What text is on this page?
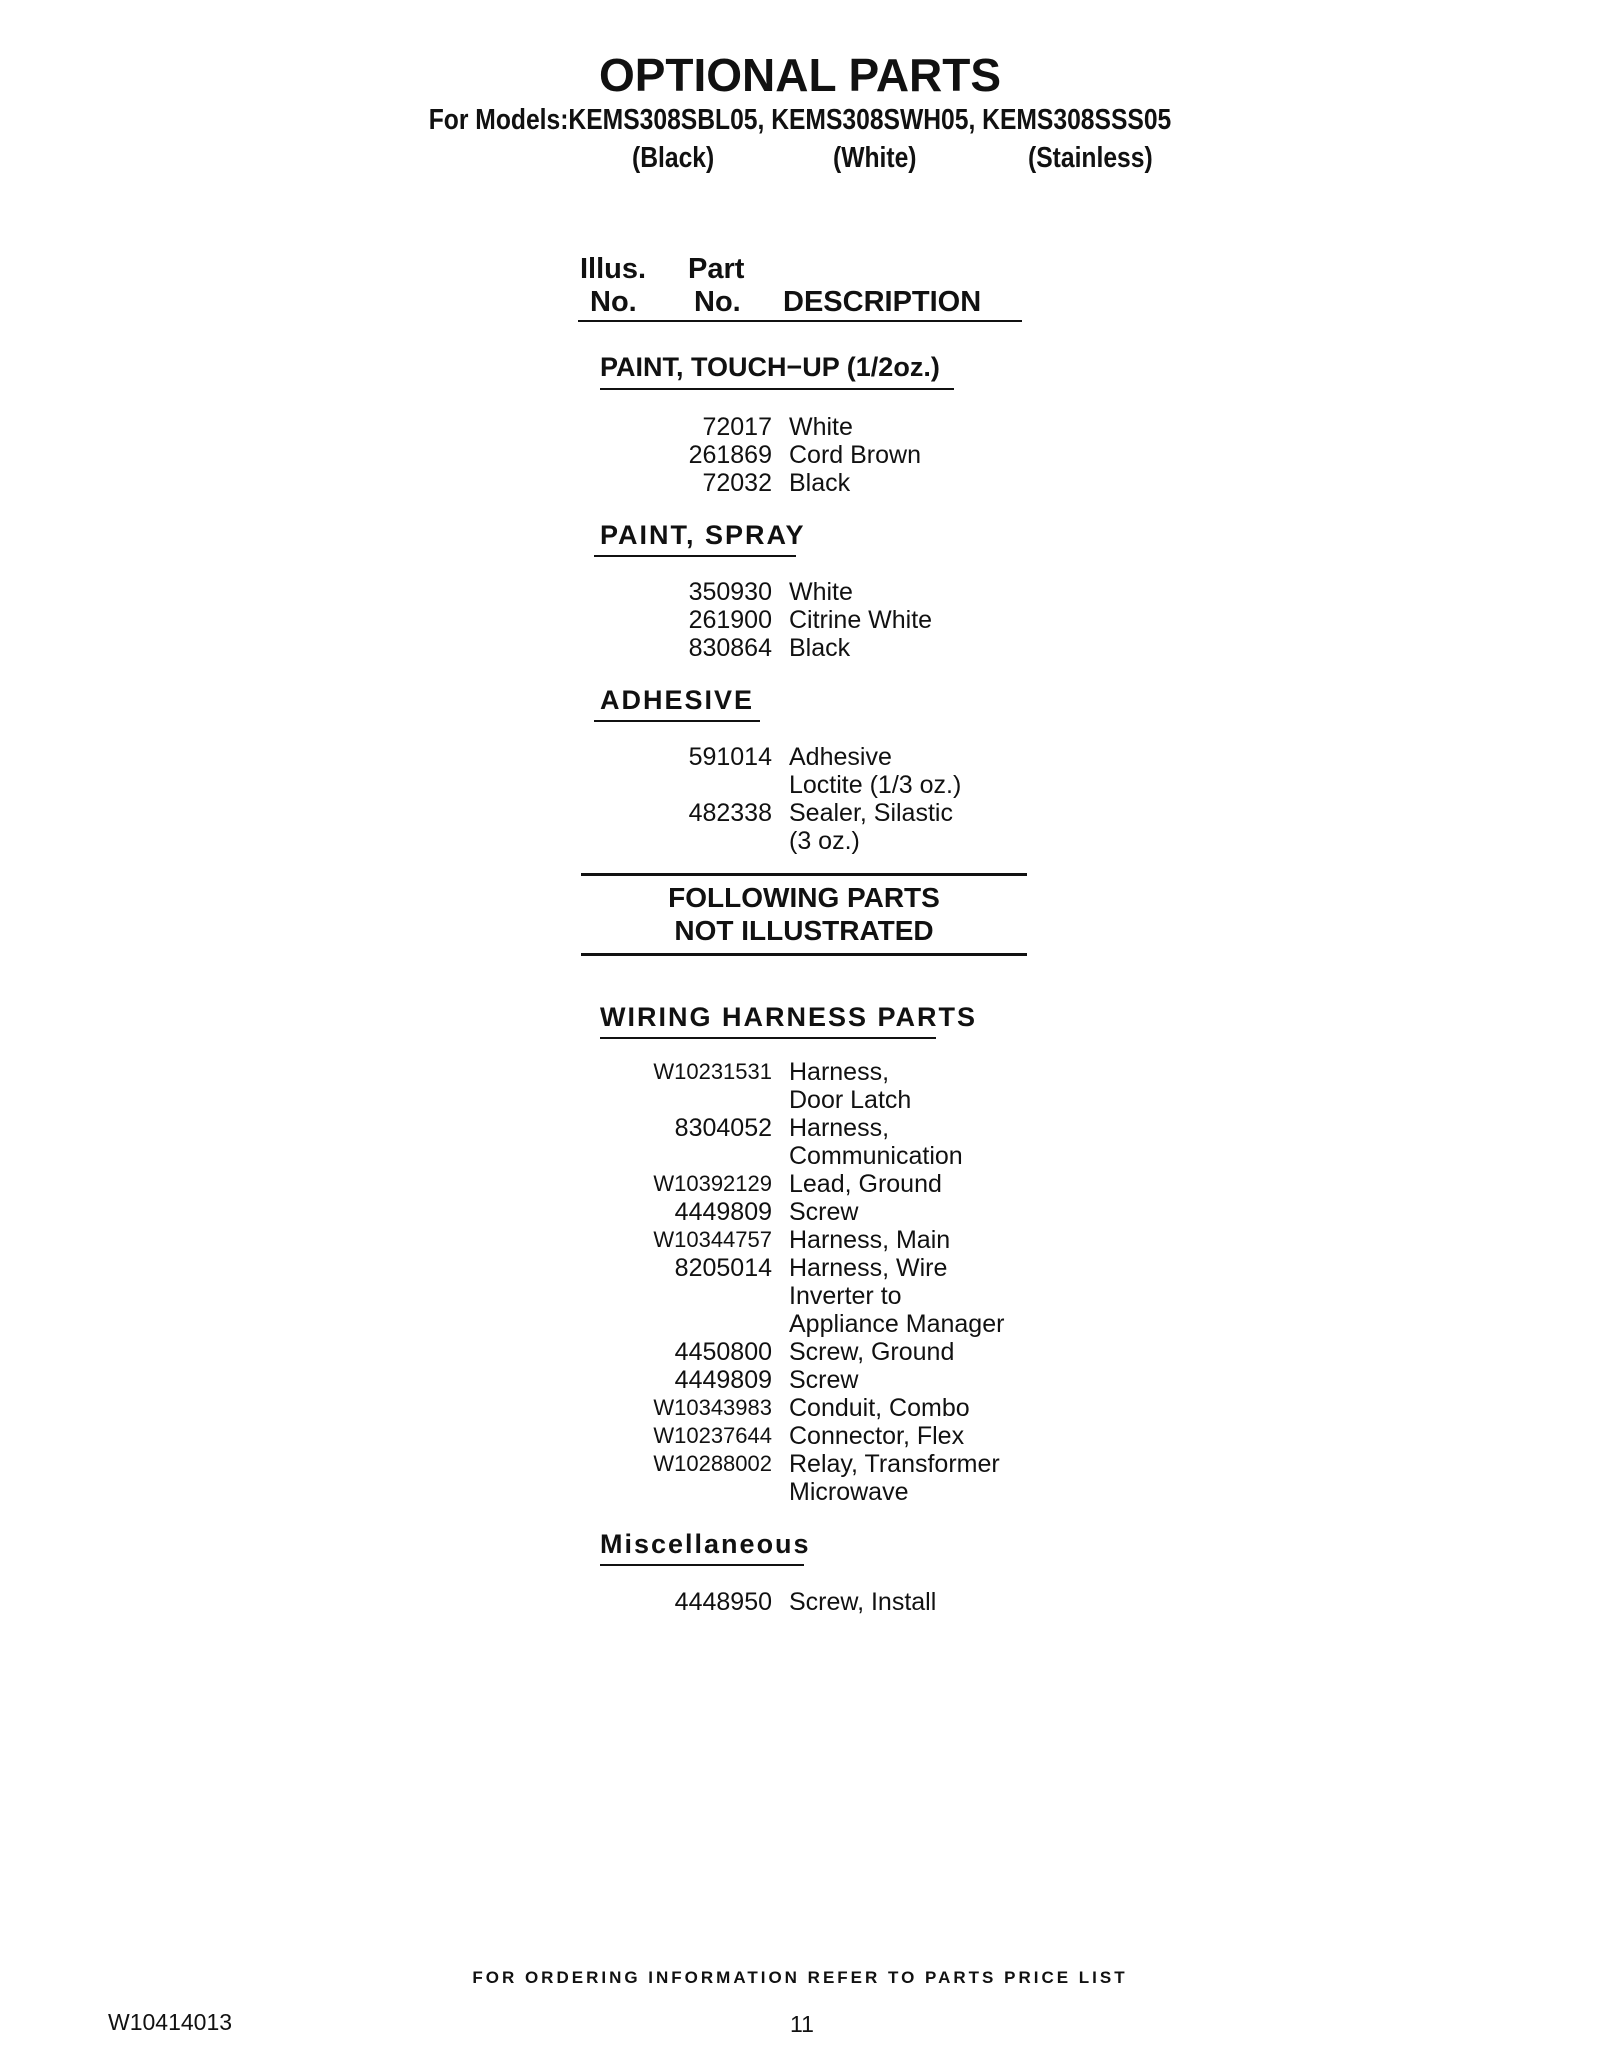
OPTIONAL PARTS
For Models:KEMS308SBL05, KEMS308SWH05, KEMS308SSS05
(Black)	(White)	(Stainless)
Illus.
No.
Part
No. DESCRIPTION
PAINT, TOUCH−UP (1/2oz.)
72017 White
261869 Cord Brown
72032 Black
PAINT, SPRAY
350930 White
261900 Citrine White
830864 Black
ADHESIVE
591014 Adhesive
Loctite (1/3 oz.)
482338 Sealer, Silastic
(3 oz.)
FOLLOWING PARTS
NOT ILLUSTRATED
WIRING HARNESS PARTS
W10231531 Harness,
Door Latch
8304052 Harness,
Communication
W10392129 Lead, Ground
4449809 Screw
W10344757 Harness, Main
8205014 Harness, Wire
Inverter to
Appliance Manager
4450800 Screw, Ground
4449809 Screw
W10343983 Conduit, Combo
W10237644 Connector, Flex
W10288002 Relay, Transformer
Microwave
Miscellaneous
4448950 Screw, Install
FOR ORDERING INFORMATION REFER TO PARTS PRICE LIST
W10414013	11
